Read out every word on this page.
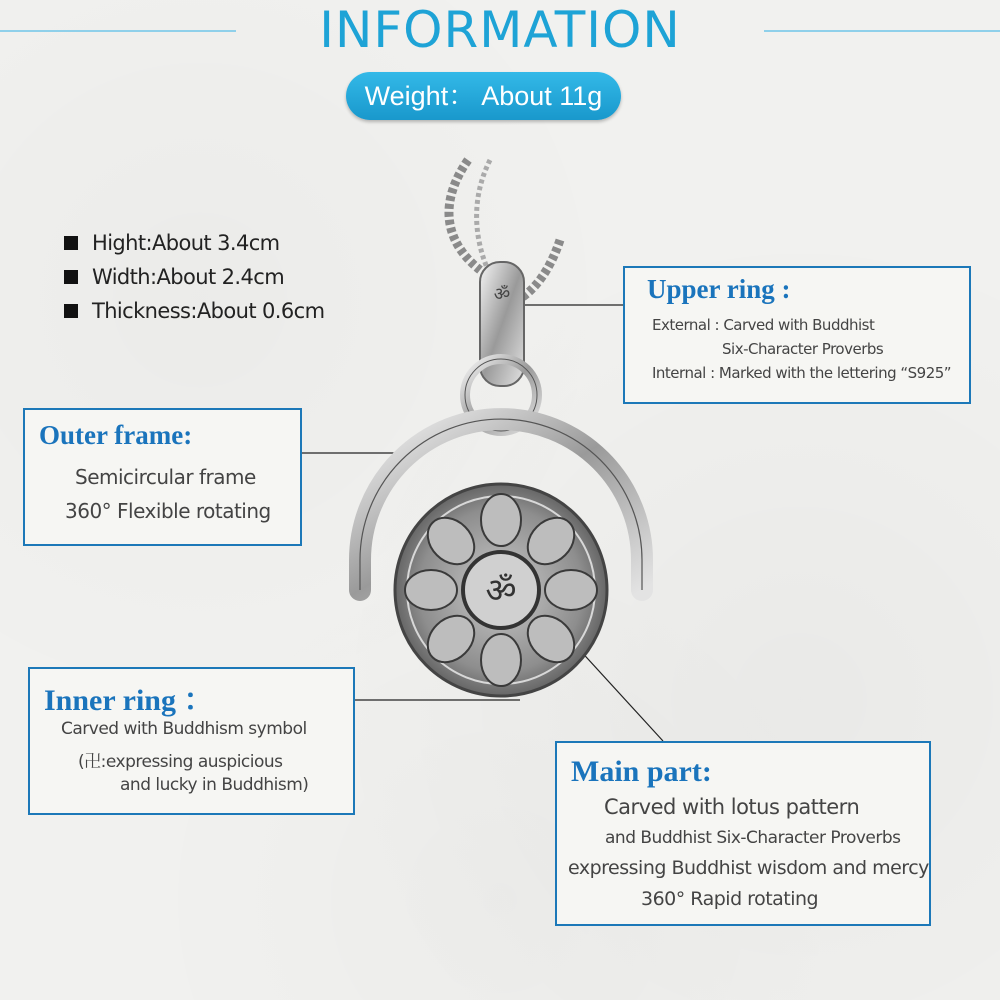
INFORMATION
Weight： About 11g
Hight:About 3.4cm
Width:About 2.4cm
Thickness:About 0.6cm
ॐ
ॐ
Upper ring :
External : Carved with Buddhist
Six-Character Proverbs
Internal : Marked with the lettering “S925”
Outer frame:
Semicircular frame
360° Flexible rotating
Inner ring ：
Carved with Buddhism symbol
(卍:expressing auspicious
and lucky in Buddhism)	Main part:
Carved with lotus pattern
and Buddhist Six-Character Proverbs
expressing Buddhist wisdom and mercy
360° Rapid rotating
